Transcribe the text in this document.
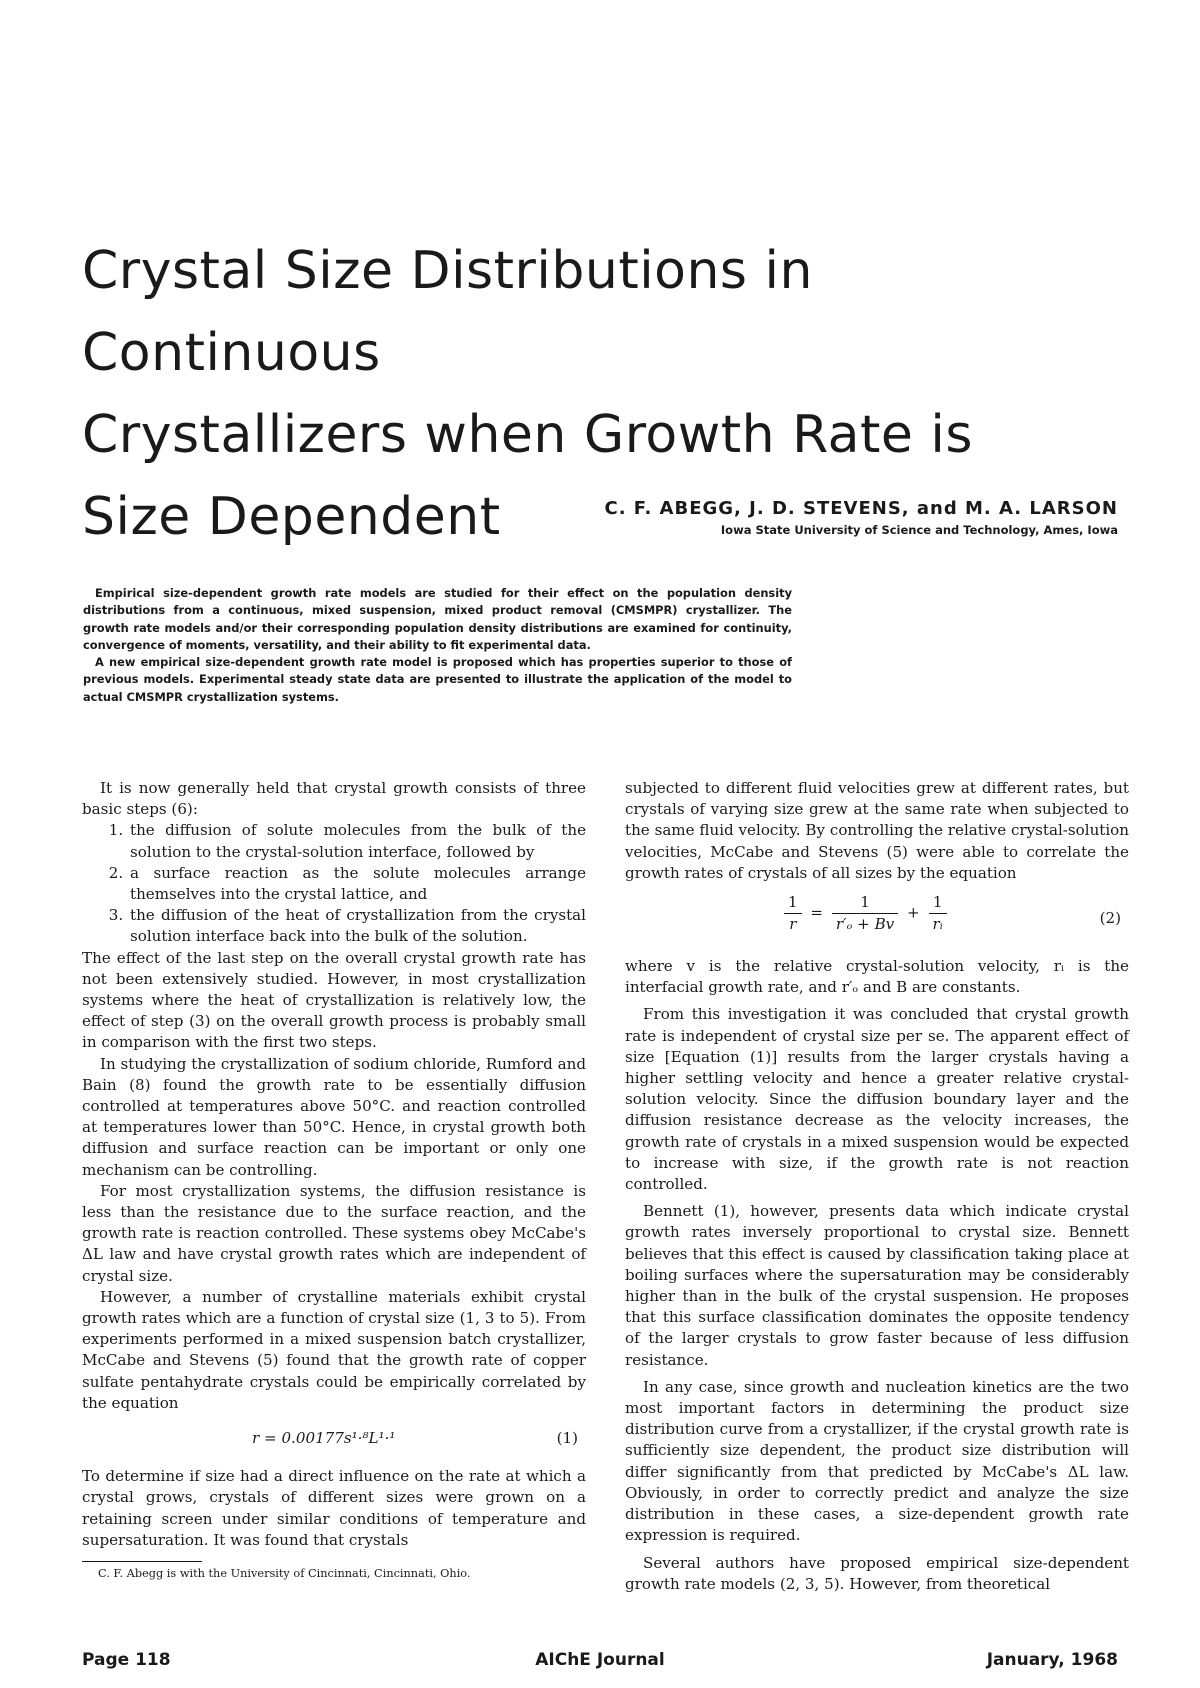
Crystal Size Distributions in Continuous
Crystallizers when Growth Rate is
Size Dependent	C. F. ABEGG, J. D. STEVENS, and M. A. LARSON
Iowa State University of Science and Technology, Ames, Iowa

Empirical size-dependent growth rate models are studied for their effect on the population density distributions from a continuous, mixed suspension, mixed product removal (CMSMPR) crystallizer. The growth rate models and/or their corresponding population density distributions are examined for continuity, convergence of moments, versatility, and their ability to fit experimental data.

A new empirical size-dependent growth rate model is proposed which has properties superior to those of previous models. Experimental steady state data are presented to illustrate the application of the model to actual CMSMPR crystallization systems.

It is now generally held that crystal growth consists of three basic steps (6):

1. the diffusion of solute molecules from the bulk of the solution to the crystal-solution interface, followed by
2. a surface reaction as the solute molecules arrange themselves into the crystal lattice, and
3. the diffusion of the heat of crystallization from the crystal solution interface back into the bulk of the solution.

The effect of the last step on the overall crystal growth rate has not been extensively studied. However, in most crystallization systems where the heat of crystallization is relatively low, the effect of step (3) on the overall growth process is probably small in comparison with the first two steps.

In studying the crystallization of sodium chloride, Rumford and Bain (8) found the growth rate to be essentially diffusion controlled at temperatures above 50°C. and reaction controlled at temperatures lower than 50°C. Hence, in crystal growth both diffusion and surface reaction can be important or only one mechanism can be controlling.

For most crystallization systems, the diffusion resistance is less than the resistance due to the surface reaction, and the growth rate is reaction controlled. These systems obey McCabe's ΔL law and have crystal growth rates which are independent of crystal size.

However, a number of crystalline materials exhibit crystal growth rates which are a function of crystal size (1, 3 to 5). From experiments performed in a mixed suspension batch crystallizer, McCabe and Stevens (5) found that the growth rate of copper sulfate pentahydrate crystals could be empirically correlated by the equation

r = 0.00177s¹·⁸L¹·¹	(1)

To determine if size had a direct influence on the rate at which a crystal grows, crystals of different sizes were grown on a retaining screen under similar conditions of temperature and supersaturation. It was found that crystals

C. F. Abegg is with the University of Cincinnati, Cincinnati, Ohio.

subjected to different fluid velocities grew at different rates, but crystals of varying size grew at the same rate when subjected to the same fluid velocity. By controlling the relative crystal-solution velocities, McCabe and Stevens (5) were able to correlate the growth rates of crystals of all sizes by the equation

$\frac{1}{r} = \frac{1}{\text{r′ₒ + Bv}} + \frac{1}{\text{rᵢ}}$	(2)

where v is the relative crystal-solution velocity, rᵢ is the interfacial growth rate, and r′ₒ and B are constants.

From this investigation it was concluded that crystal growth rate is independent of crystal size per se. The apparent effect of size [Equation (1)] results from the larger crystals having a higher settling velocity and hence a greater relative crystal-solution velocity. Since the diffusion boundary layer and the diffusion resistance decrease as the velocity increases, the growth rate of crystals in a mixed suspension would be expected to increase with size, if the growth rate is not reaction controlled.

Bennett (1), however, presents data which indicate crystal growth rates inversely proportional to crystal size. Bennett believes that this effect is caused by classification taking place at boiling surfaces where the supersaturation may be considerably higher than in the bulk of the crystal suspension. He proposes that this surface classification dominates the opposite tendency of the larger crystals to grow faster because of less diffusion resistance.

In any case, since growth and nucleation kinetics are the two most important factors in determining the product size distribution curve from a crystallizer, if the crystal growth rate is sufficiently size dependent, the product size distribution will differ significantly from that predicted by McCabe's ΔL law. Obviously, in order to correctly predict and analyze the size distribution in these cases, a size-dependent growth rate expression is required.

Several authors have proposed empirical size-dependent growth rate models (2, 3, 5). However, from theoretical

Page 118	AIChE Journal	January, 1968
